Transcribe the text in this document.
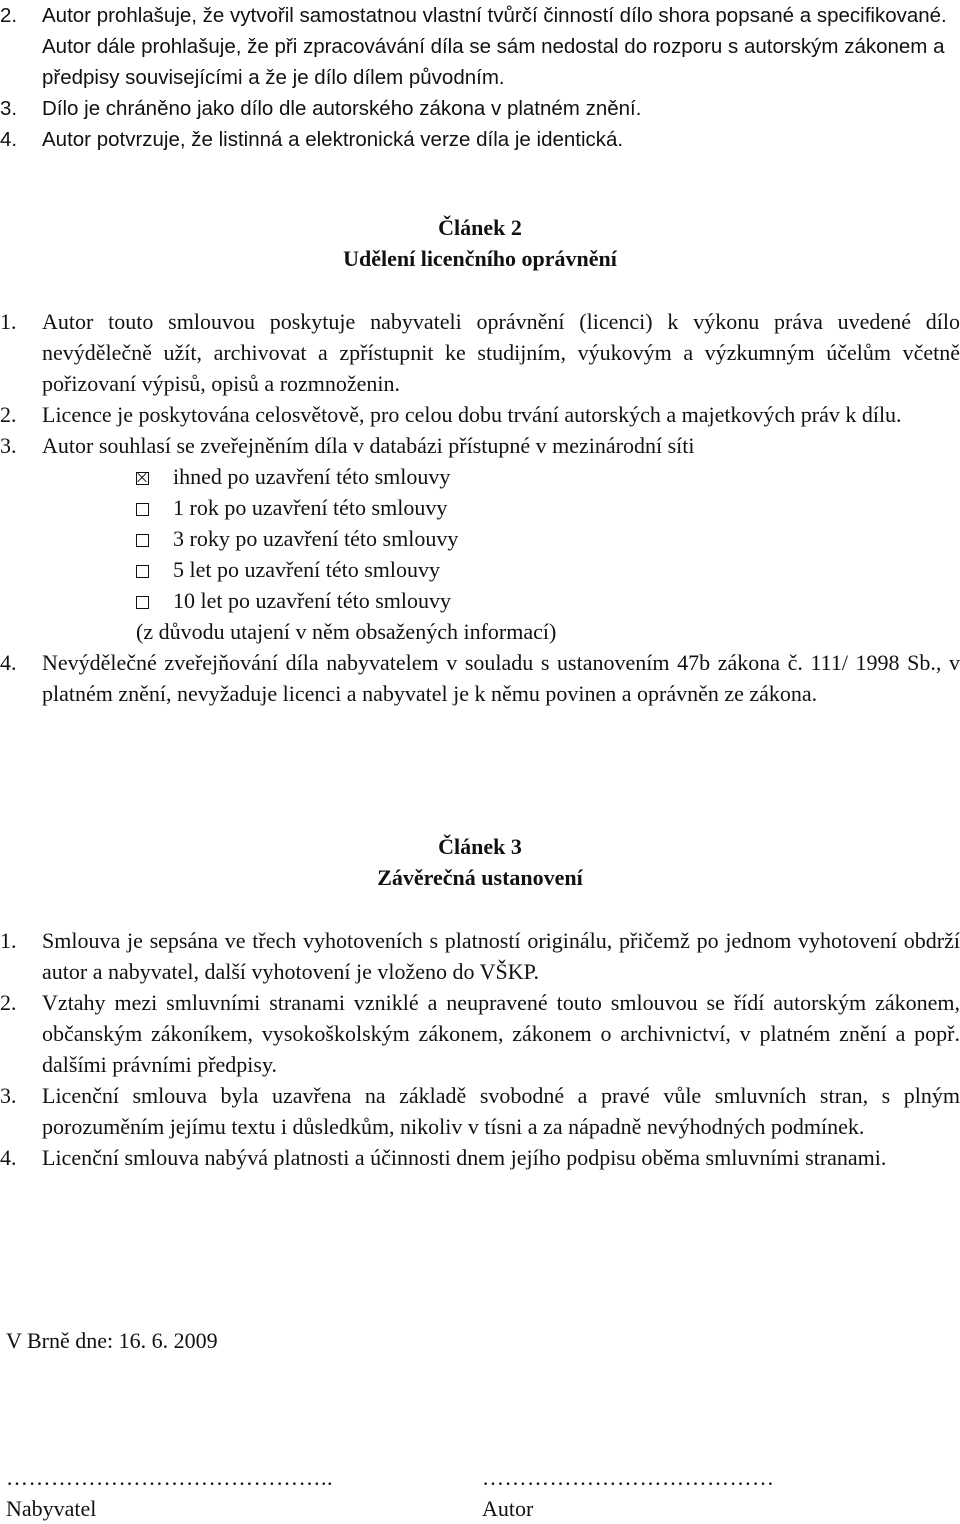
2. Autor prohlašuje, že vytvořil samostatnou vlastní tvůrčí činností dílo shora popsané a specifikované. Autor dále prohlašuje, že při zpracovávání díla se sám nedostal do rozporu s autorským zákonem a předpisy souvisejícími a že je dílo dílem původním.
3. Dílo je chráněno jako dílo dle autorského zákona v platném znění.
4. Autor potvrzuje, že listinná a elektronická verze díla je identická.
Článek 2
Udělení licenčního oprávnění
1. Autor touto smlouvou poskytuje nabyvateli oprávnění (licenci) k výkonu práva uvedené dílo nevýdělečně užít, archivovat a zpřístupnit ke studijním, výukovým a výzkumným účelům včetně pořizovaní výpisů, opisů a rozmnoženin.
2. Licence je poskytována celosvětově, pro celou dobu trvání autorských a majetkových práv k dílu.
3. Autor souhlasí se zveřejněním díla v databázi přístupné v mezinárodní síti
ihned po uzavření této smlouvy
1 rok po uzavření této smlouvy
3 roky po uzavření této smlouvy
5 let po uzavření této smlouvy
10 let po uzavření této smlouvy
(z důvodu utajení v něm obsažených informací)
4. Nevýdělečné zveřejňování díla nabyvatelem v souladu s ustanovením 47b zákona č. 111/ 1998 Sb., v platném znění, nevyžaduje licenci a nabyvatel je k němu povinen a oprávněn ze zákona.
Článek 3
Závěrečná ustanovení
1. Smlouva je sepsána ve třech vyhotoveních s platností originálu, přičemž po jednom vyhotovení obdrží autor a nabyvatel, další vyhotovení je vloženo do VŠKP.
2. Vztahy mezi smluvními stranami vzniklé a neupravené touto smlouvou se řídí autorským zákonem, občanským zákoníkem, vysokoškolským zákonem, zákonem o archivnictví, v platném znění a popř. dalšími právními předpisy.
3. Licenční smlouva byla uzavřena na základě svobodné a pravé vůle smluvních stran, s plným porozuměním jejímu textu i důsledkům, nikoliv v tísni a za nápadně nevýhodných podmínek.
4. Licenční smlouva nabývá platnosti a účinnosti dnem jejího podpisu oběma smluvními stranami.
V Brně dne: 16. 6. 2009
……………………………………..
Nabyvatel
…………………………………
Autor
